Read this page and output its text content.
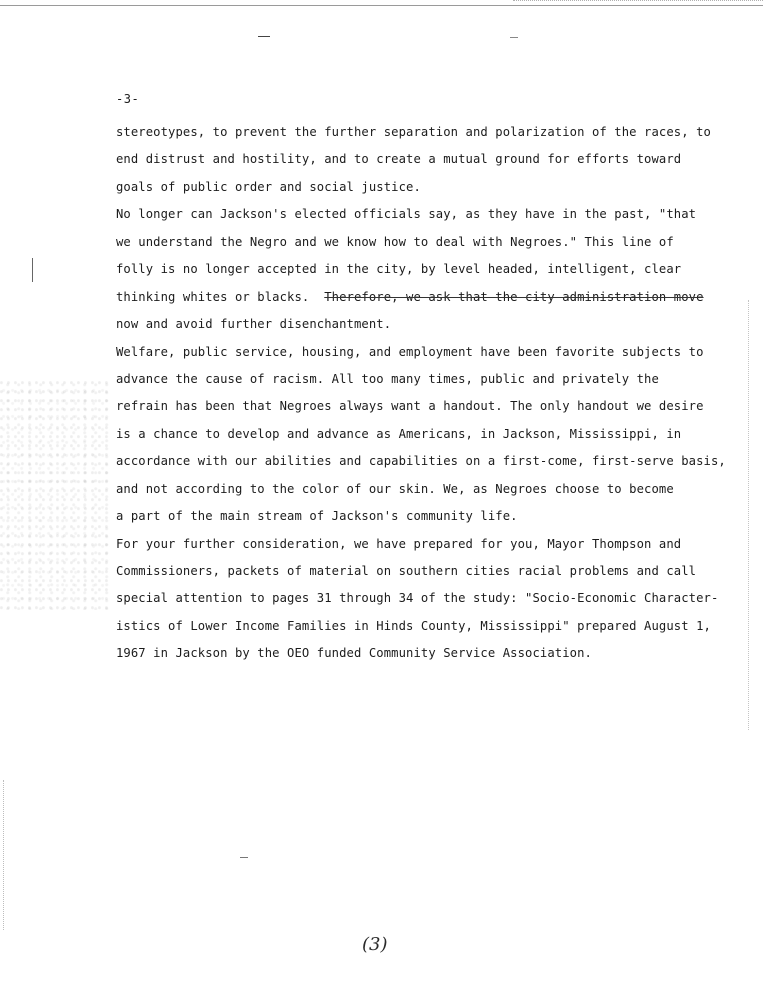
-3-

stereotypes, to prevent the further separation and polarization of the races, to
end distrust and hostility, and to create a mutual ground for efforts toward
goals of public order and social justice.
No longer can Jackson's elected officials say, as they have in the past, "that
we understand the Negro and we know how to deal with Negroes." This line of
folly is no longer accepted in the city, by level headed, intelligent, clear
thinking whites or blacks. Therefore, we ask that the city administration move
now and avoid further disenchantment.
Welfare, public service, housing, and employment have been favorite subjects to
advance the cause of racism. All too many times, public and privately the
refrain has been that Negroes always want a handout. The only handout we desire
is a chance to develop and advance as Americans, in Jackson, Mississippi, in
accordance with our abilities and capabilities on a first-come, first-serve basis,
and not according to the color of our skin. We, as Negroes choose to become
a part of the main stream of Jackson's community life.
For your further consideration, we have prepared for you, Mayor Thompson and
Commissioners, packets of material on southern cities racial problems and call
special attention to pages 31 through 34 of the study: "Socio-Economic Character-
istics of Lower Income Families in Hinds County, Mississippi" prepared August 1,
1967 in Jackson by the OEO funded Community Service Association.

(3)
